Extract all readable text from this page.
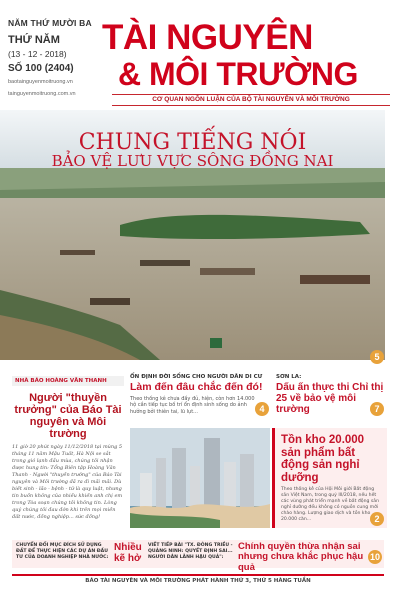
NĂM THỨ MƯỜI BA
THỨ NĂM
(13 - 12 - 2018)
SỐ 100 (2404)
baotainguyenmoitruong.vn
tainguyenmoitruong.com.vn
TÀI NGUYÊN
& MÔI TRƯỜNG
CƠ QUAN NGÔN LUẬN CỦA BỘ TÀI NGUYÊN VÀ MÔI TRƯỜNG
CHUNG TIẾNG NÓI
BẢO VỆ LƯU VỰC SÔNG ĐỒNG NAI
5
NHÀ BÁO HOÀNG VĂN THANH
Người "thuyền trưởng" của Báo Tài nguyên và Môi trường
11 giờ 20 phút ngày 11/12/2018 tại mùng 5 tháng 11 năm Mậu Tuất, Hà Nội se sắt trong gió lạnh đầu mùa, chúng tôi nhận được hung tin: Tổng Biên tập Hoàng Văn Thanh - Người "thuyền trưởng" của Báo Tài nguyên và Môi trường đã ra đi mãi mãi. Dù biết sinh - lão - bệnh - tử là quy luật, nhưng tin buồn không của nhiều khiến anh chị em trong Tòa soạn chúng tôi không tin. Lòng quý chúng tôi đau đớn khi trên mọi miền đất nước, đồng nghiệp... sức đồng!
ỔN ĐỊNH ĐỜI SỐNG CHO NGƯỜI DÂN DI CƯ
Làm đến đâu chắc đến đó!
Theo thống kê chưa đầy đủ, hiện, còn hơn 14.000 hộ cần tiếp tục bố trí ổn định sinh sống do ảnh hưởng bởi thiên tai, lũ lụt...	4
SƠN LA:
Dấu ấn thực thi Chỉ thị 25 về bảo vệ môi trường	7
Tồn kho 20.000 sản phẩm bất động sản nghỉ dưỡng
Theo thống kê của Hội Môi giới Bất động sản Việt Nam, trong quý III/2018, nếu hết các vùng phát triển mạnh về bất động sản nghỉ dưỡng đều không có nguồn cung mới chào hàng. Lượng giao dịch và tồn kho 20.000 căn...	2
CHUYỂN ĐỔI MỤC ĐÍCH SỬ DỤNG ĐẤT ĐỂ THỰC HIỆN CÁC DỰ ÁN ĐẦU TƯ CỦA DOANH NGHIỆP NHÀ NƯỚC:
Nhiều kẽ hở
VIẾT TIẾP BÀI "TX. ĐÔNG TRIỀU - QUẢNG NINH: QUYẾT ĐỊNH SAI... NGƯỜI DÂN LÃNH HẬU QUẢ":
Chính quyền thừa nhận sai nhưng chưa khắc phục hậu quả
10
BÁO TÀI NGUYÊN VÀ MÔI TRƯỜNG PHÁT HÀNH THỨ 3, THỨ 5 HÀNG TUẦN
